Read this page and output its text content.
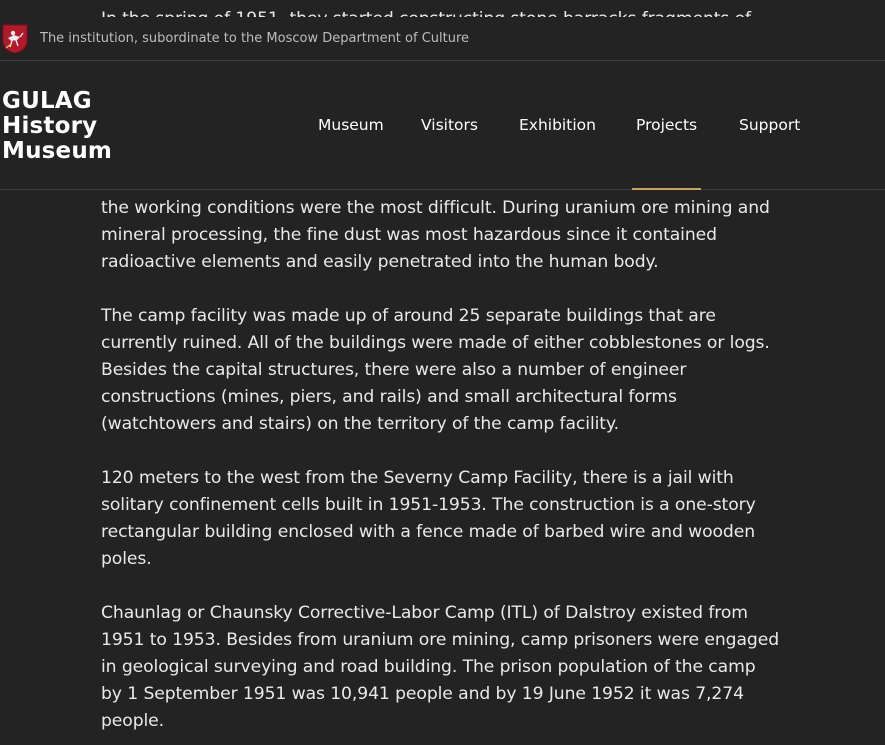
the working conditions were the most difficult. During uranium ore mining and mineral processing, the fine dust was most hazardous since it contained radioactive elements and easily penetrated into the human body.

The camp facility was made up of around 25 separate buildings that are currently ruined. All of the buildings were made of either cobblestones or logs. Besides the capital structures, there were also a number of engineer constructions (mines, piers, and rails) and small architectural forms (watchtowers and stairs) on the territory of the camp facility.

120 meters to the west from the Severny Camp Facility, there is a jail with solitary confinement cells built in 1951-1953. The construction is a one-story rectangular building enclosed with a fence made of barbed wire and wooden poles.

Chaunlag or Chaunsky Corrective-Labor Camp (ITL) of Dalstroy existed from 1951 to 1953. Besides from uranium ore mining, camp prisoners were engaged in geological surveying and road building. The prison population of the camp by 1 September 1951 was 10,941 people and by 19 June 1952 it was 7,274 people.

The institution, subordinate to the Moscow Department of Culture
GULAG
History
Museum
Museum Visitors	Exhibition	Projects	Support
